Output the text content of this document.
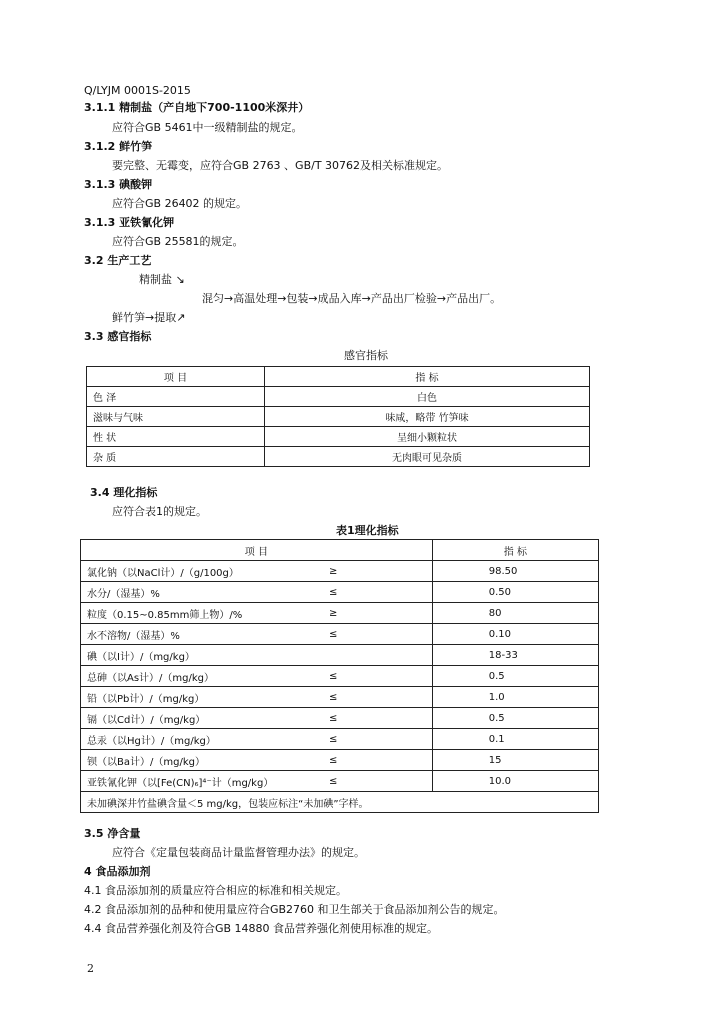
Q/LYJM 0001S-2015
3.1.1 精制盐（产自地下700-1100米深井）
应符合GB 5461中一级精制盐的规定。
3.1.2 鲜竹笋
要完整、无霉变，应符合GB 2763 、GB/T 30762及相关标准规定。
3.1.3 碘酸钾
应符合GB 26402 的规定。
3.1.3 亚铁氰化钾
应符合GB 25581的规定。
3.2 生产工艺
精制盐 ↘
混匀→高温处理→包装→成品入库→产品出厂检验→产品出厂。
鲜竹笋→提取↗
3.3 感官指标
感官指标
项 目	指 标
色 泽	白色
滋味与气味	味咸，略带 竹笋味
性 状	呈细小颗粒状
杂 质	无肉眼可见杂质
3.4 理化指标
应符合表1的规定。
表1理化指标
项 目		指 标
氯化钠（以NaCl计）/（g/100g）	≥	98.50
水分/（湿基）%	≤	0.50
粒度（0.15~0.85mm筛上物）/%	≥	80
水不溶物/（湿基）%	≤	0.10
碘（以I计）/（mg/kg）		18-33
总砷（以As计）/（mg/kg）	≤	0.5
铅（以Pb计）/（mg/kg）	≤	1.0
镉（以Cd计）/（mg/kg）	≤	0.5
总汞（以Hg计）/（mg/kg）	≤	0.1
钡（以Ba计）/（mg/kg）	≤	15
亚铁氰化钾（以[Fe(CN)₆]⁴⁻计（mg/kg）	≤	10.0
未加碘深井竹盐碘含量＜5 mg/kg，包装应标注“未加碘”字样。		
3.5 净含量
应符合《定量包装商品计量监督管理办法》的规定。
4 食品添加剂
4.1 食品添加剂的质量应符合相应的标准和相关规定。
4.2 食品添加剂的品种和使用量应符合GB2760 和卫生部关于食品添加剂公告的规定。
4.4 食品营养强化剂及符合GB 14880 食品营养强化剂使用标准的规定。
2
